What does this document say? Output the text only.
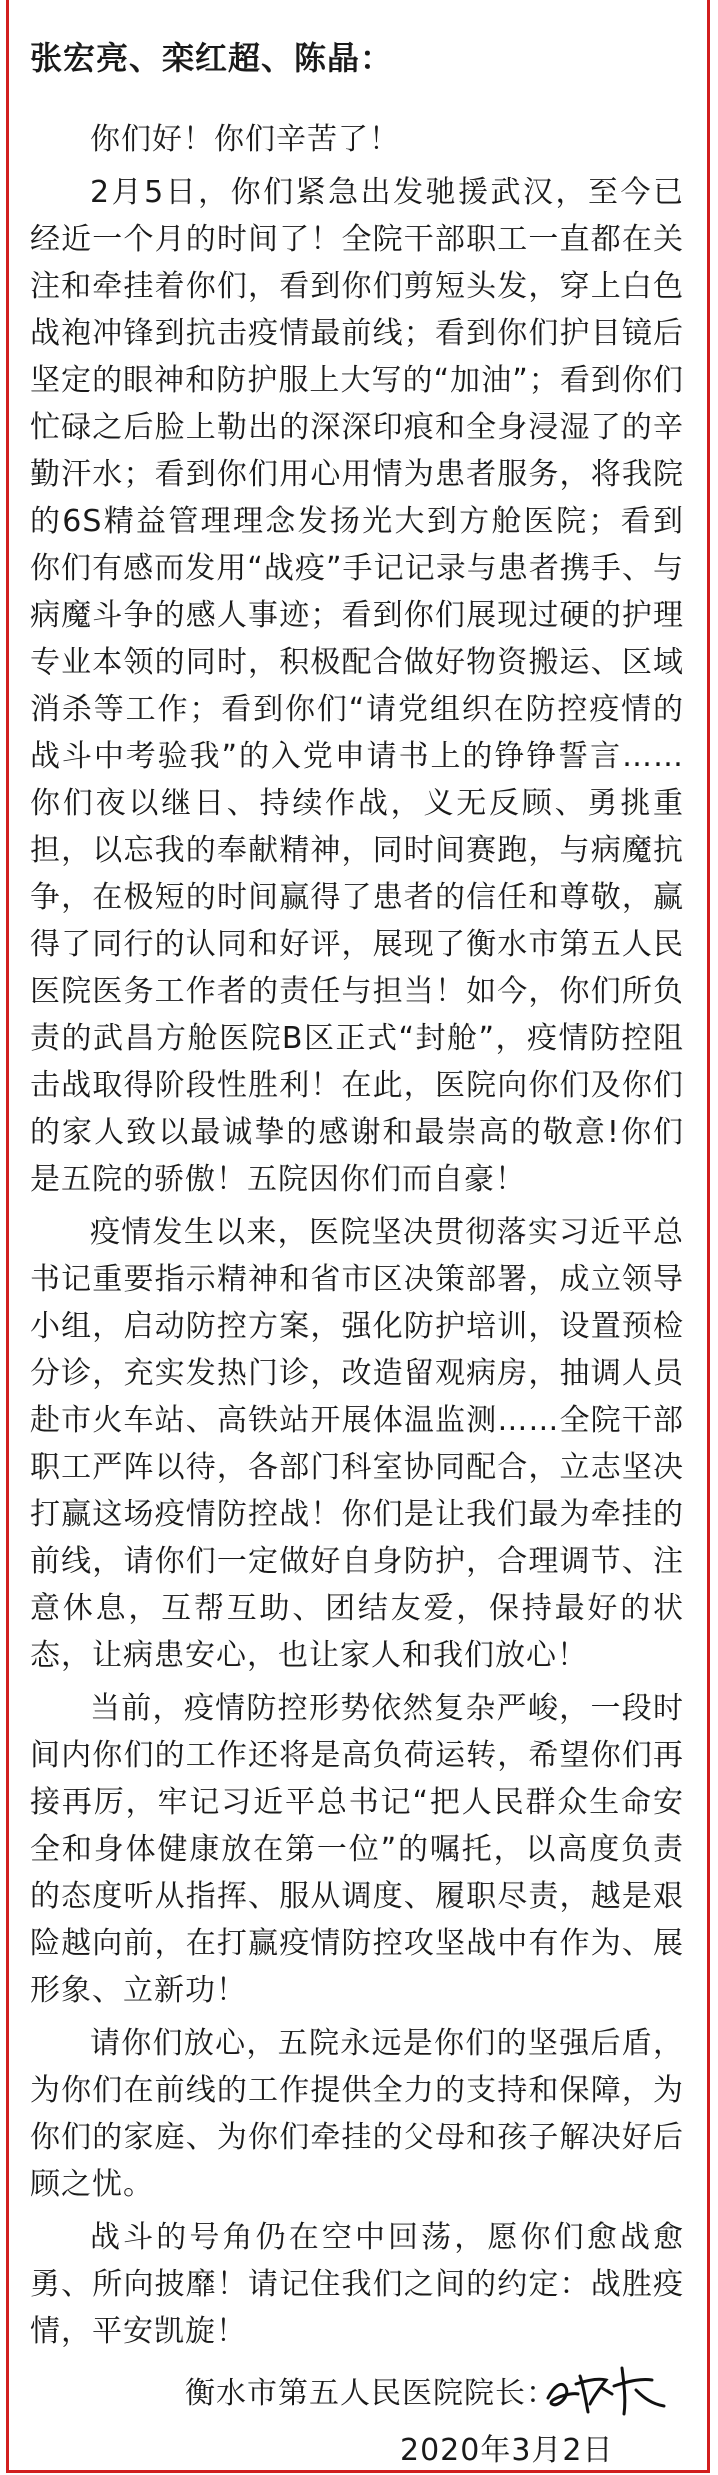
张宏亮、栾红超、陈晶：

你们好！你们辛苦了！

2月5日，你们紧急出发驰援武汉，至今已经近一个月的时间了！全院干部职工一直都在关注和牵挂着你们，看到你们剪短头发，穿上白色战袍冲锋到抗击疫情最前线；看到你们护目镜后坚定的眼神和防护服上大写的“加油”；看到你们忙碌之后脸上勒出的深深印痕和全身浸湿了的辛勤汗水；看到你们用心用情为患者服务，将我院的6S精益管理理念发扬光大到方舱医院；看到你们有感而发用“战疫”手记记录与患者携手、与病魔斗争的感人事迹；看到你们展现过硬的护理专业本领的同时，积极配合做好物资搬运、区域消杀等工作；看到你们“请党组织在防控疫情的战斗中考验我”的入党申请书上的铮铮誓言……你们夜以继日、持续作战，义无反顾、勇挑重担，以忘我的奉献精神，同时间赛跑，与病魔抗争，在极短的时间赢得了患者的信任和尊敬，赢得了同行的认同和好评，展现了衡水市第五人民医院医务工作者的责任与担当！如今，你们所负责的武昌方舱医院B区正式“封舱”，疫情防控阻击战取得阶段性胜利！在此，医院向你们及你们的家人致以最诚挚的感谢和最崇高的敬意!你们是五院的骄傲！五院因你们而自豪！

疫情发生以来，医院坚决贯彻落实习近平总书记重要指示精神和省市区决策部署，成立领导小组，启动防控方案，强化防护培训，设置预检分诊，充实发热门诊，改造留观病房，抽调人员赴市火车站、高铁站开展体温监测……全院干部职工严阵以待，各部门科室协同配合，立志坚决打赢这场疫情防控战！你们是让我们最为牵挂的前线，请你们一定做好自身防护，合理调节、注意休息，互帮互助、团结友爱，保持最好的状态，让病患安心，也让家人和我们放心！

当前，疫情防控形势依然复杂严峻，一段时间内你们的工作还将是高负荷运转，希望你们再接再厉，牢记习近平总书记“把人民群众生命安全和身体健康放在第一位”的嘱托，以高度负责的态度听从指挥、服从调度、履职尽责，越是艰险越向前，在打赢疫情防控攻坚战中有作为、展形象、立新功！

请你们放心，五院永远是你们的坚强后盾，为你们在前线的工作提供全力的支持和保障，为你们的家庭、为你们牵挂的父母和孩子解决好后顾之忧。

战斗的号角仍在空中回荡，愿你们愈战愈勇、所向披靡！请记住我们之间的约定：战胜疫情，平安凯旋！

衡水市第五人民医院院长：
2020年3月2日
